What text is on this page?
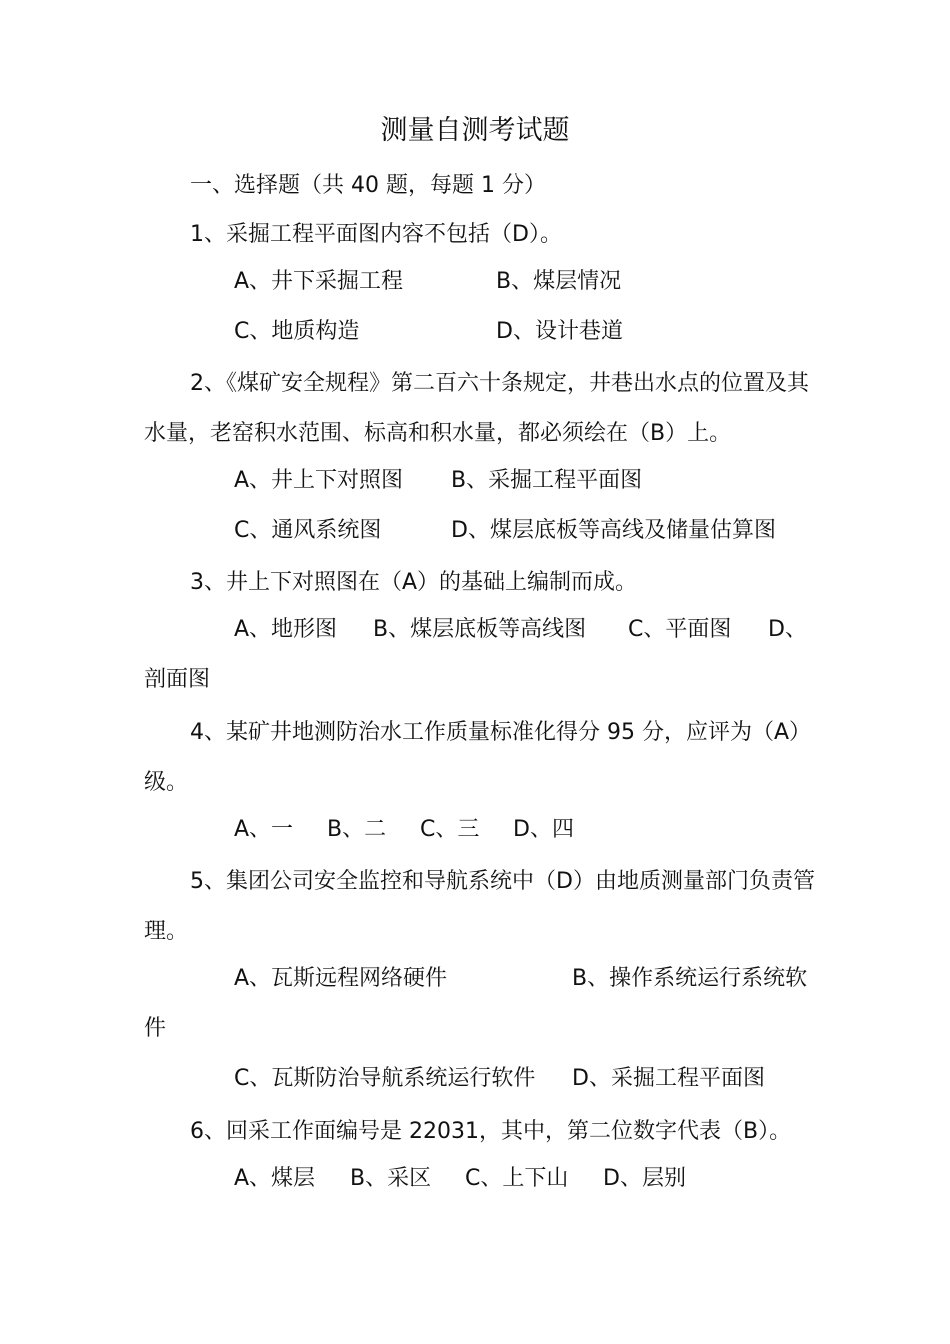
测量自测考试题
一、选择题（共 40 题，每题 1 分）
1、采掘工程平面图内容不包括（D）。
A、井下采掘工程	B、煤层情况
C、地质构造	D、设计巷道
2、《煤矿安全规程》第二百六十条规定，井巷出水点的位置及其
水量，老窑积水范围、标高和积水量，都必须绘在（B）上。
A、井上下对照图 B、采掘工程平面图
C、通风系统图	D、煤层底板等高线及储量估算图
3、井上下对照图在（A）的基础上编制而成。
A、地形图 B、煤层底板等高线图 C、平面图 D、
剖面图
4、某矿井地测防治水工作质量标准化得分 95 分，应评为（A）
级。
A、一 B、二 C、三 D、四
5、集团公司安全监控和导航系统中（D）由地质测量部门负责管
理。
A、瓦斯远程网络硬件	B、操作系统运行系统软
件
C、瓦斯防治导航系统运行软件 D、采掘工程平面图
6、回采工作面编号是 22031，其中，第二位数字代表（B）。
A、煤层 B、采区 C、上下山 D、层别
